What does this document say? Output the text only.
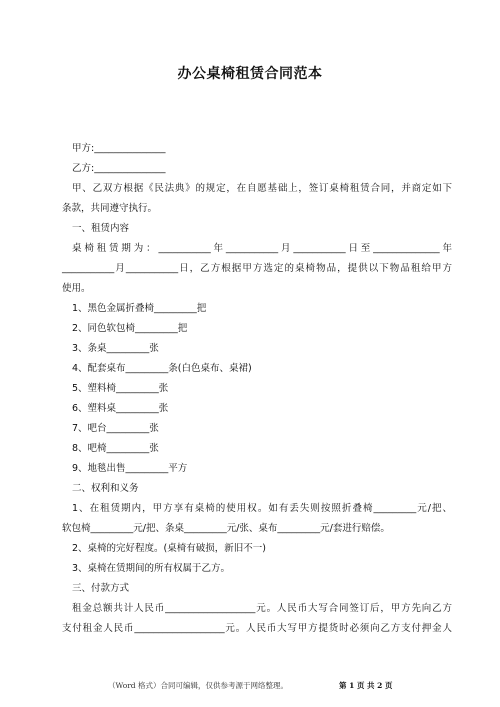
办公桌椅租赁合同范本
甲方:_______________
乙方:_______________
甲、乙双方根据《民法典》的规定，在自愿基础上，签订桌椅租赁合同，并商定如下
条款，共同遵守执行。
一、租赁内容
桌椅租赁期为：___________年___________月___________日至______________年
___________月___________日，乙方根据甲方选定的桌椅物品，提供以下物品租给甲方
使用。
1、黑色金属折叠椅_________把
2、同色软包椅_________把
3、条桌_________张
4、配套桌布_________条(白色桌布、桌裙)
5、塑料椅_________张
6、塑料桌_________张
7、吧台_________张
8、吧椅_________张
9、地毯出售_________平方
二、权利和义务
1、在租赁期内，甲方享有桌椅的使用权。如有丢失则按照折叠椅_________元/把、
软包椅_________元/把、条桌_________元/张、桌布_________元/套进行赔偿。
2、桌椅的完好程度。(桌椅有破损，新旧不一)
3、桌椅在赁期间的所有权属于乙方。
三、付款方式
租金总额共计人民币___________________元。人民币大写合同签订后，甲方先向乙方
支付租金人民币___________________元。人民币大写甲方提货时必须向乙方支付押金人
（Word 格式）合同可编辑，仅供参考源于网络整理。	第 1 页 共 2 页
